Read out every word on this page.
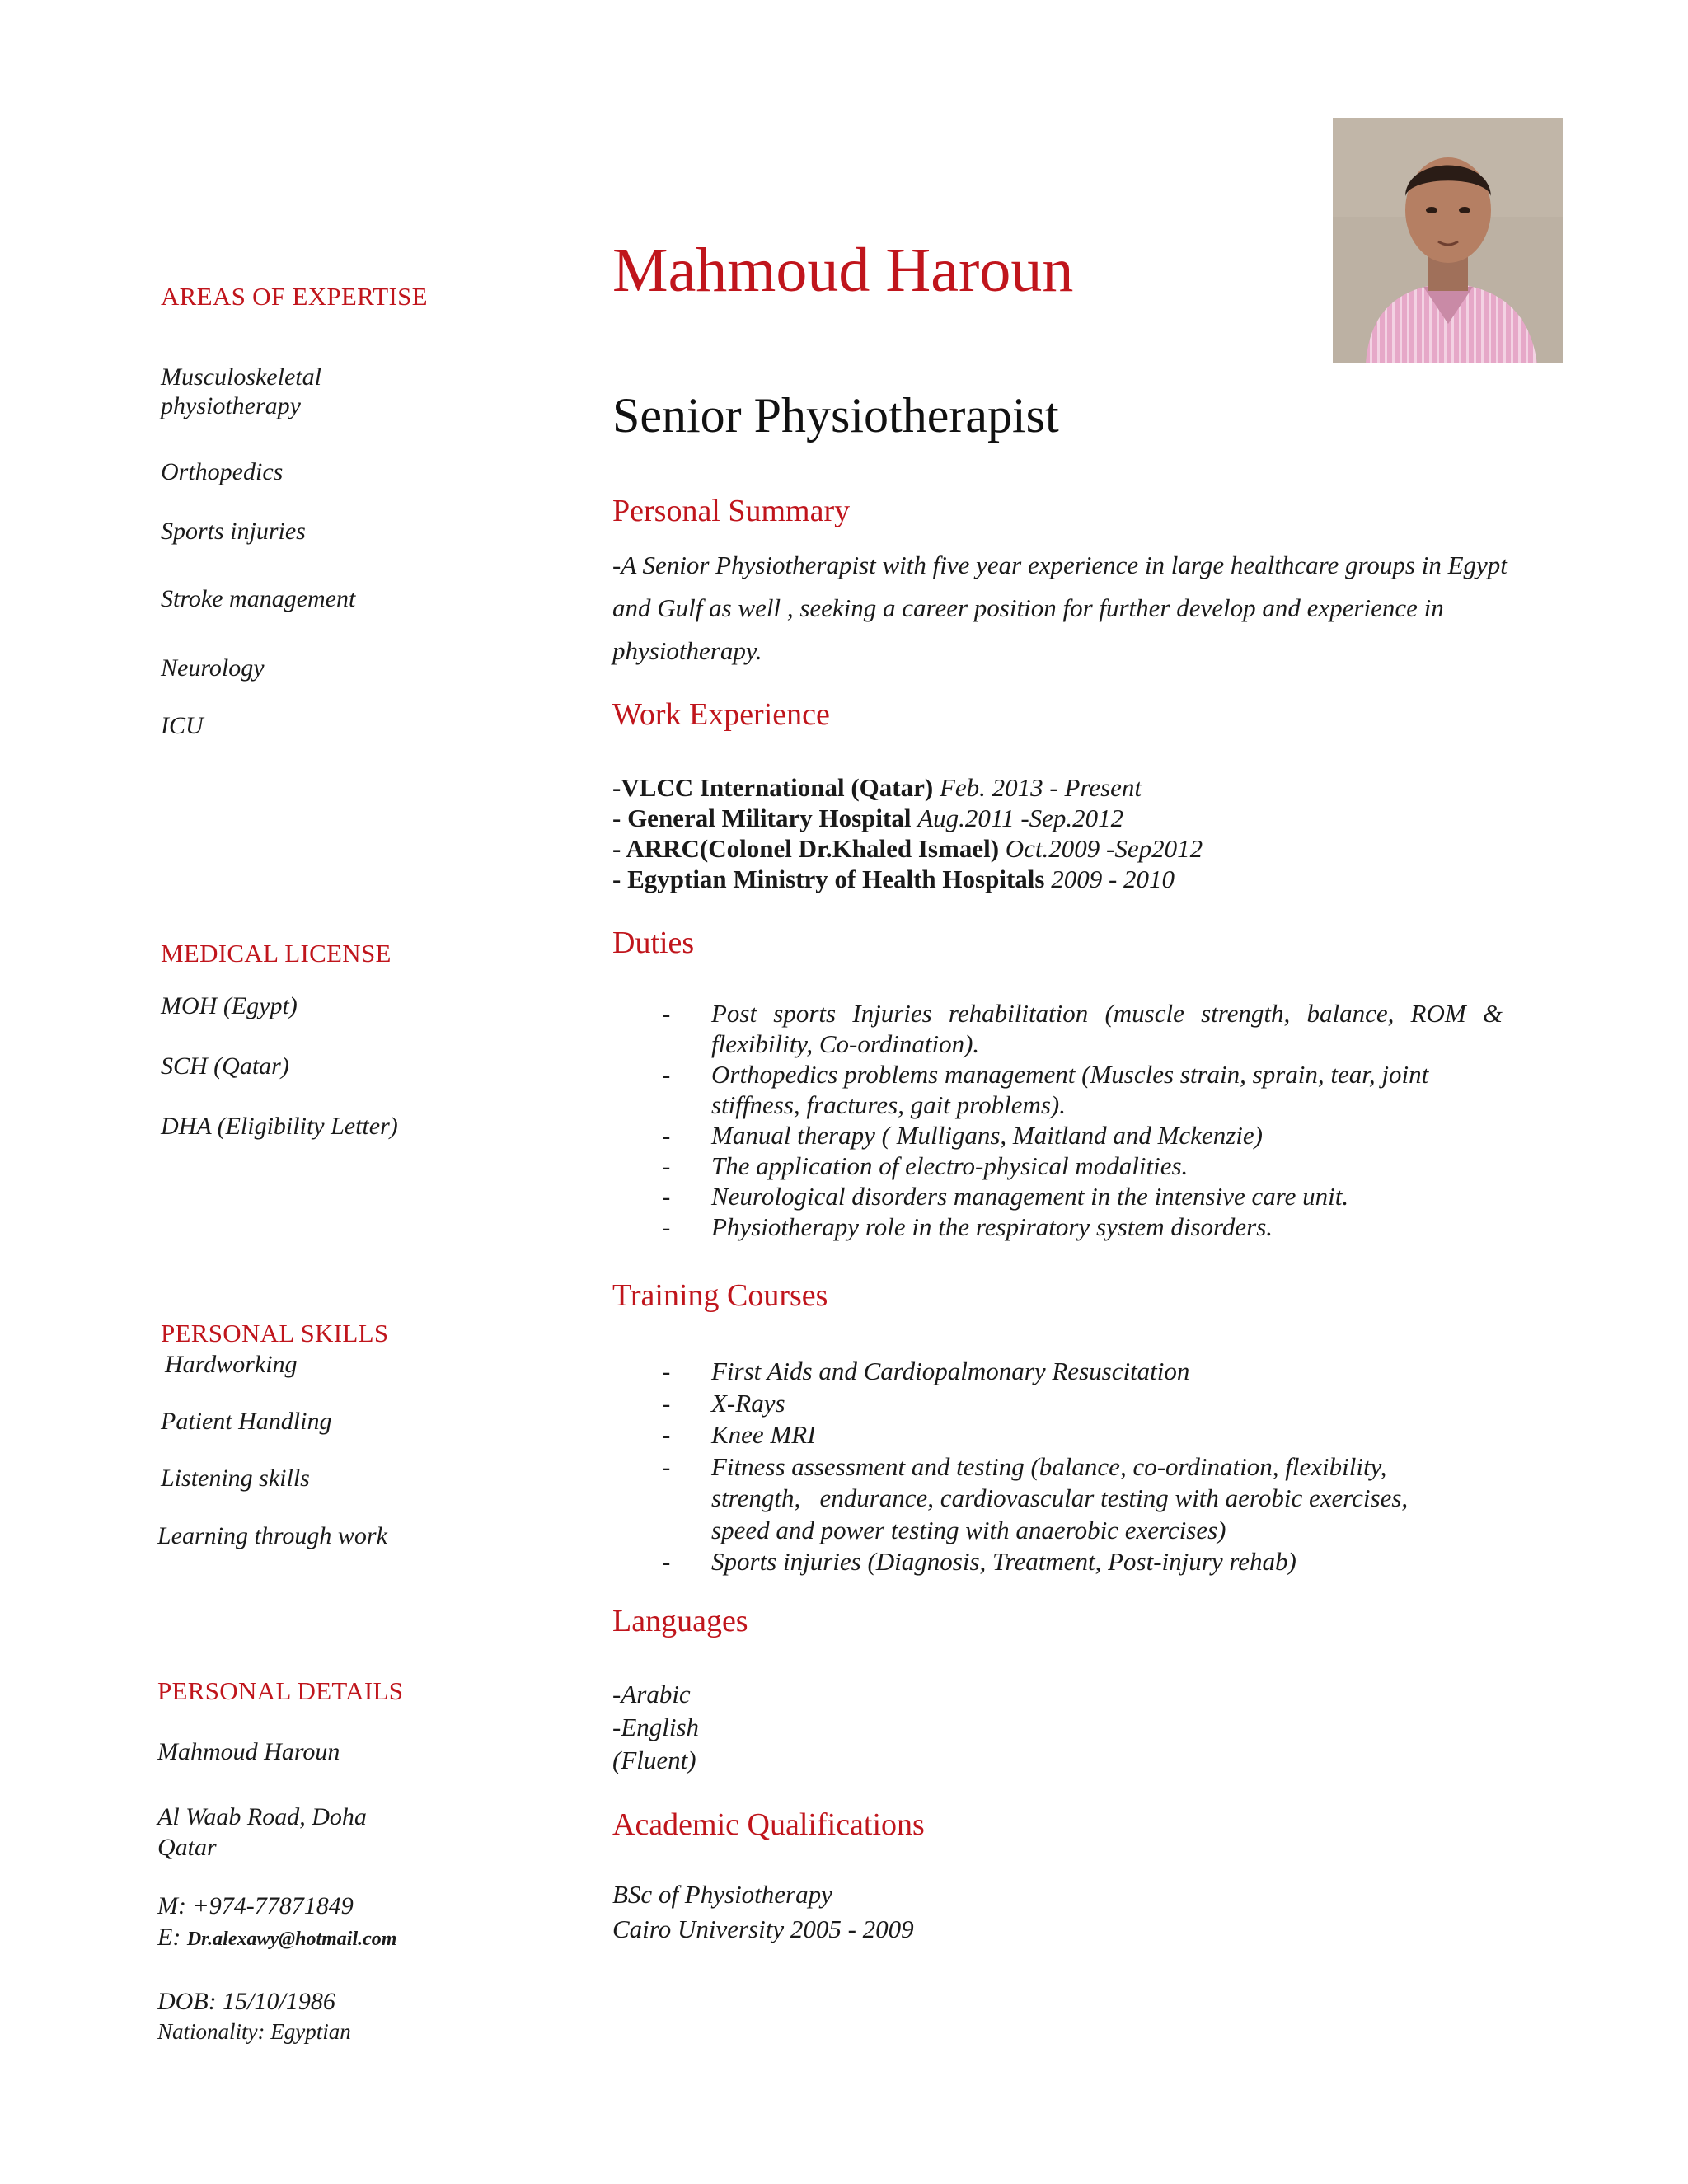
AREAS OF EXPERTISE
Musculoskeletal
physiotherapy
Orthopedics
Sports injuries
Stroke management
Neurology
ICU
MEDICAL LICENSE
MOH (Egypt)
SCH (Qatar)
DHA (Eligibility Letter)
PERSONAL SKILLS
Hardworking
Patient Handling
Listening skills
Learning through work
PERSONAL DETAILS
Mahmoud Haroun
Al Waab Road, Doha
Qatar
M: +974-77871849
E: Dr.alexawy@hotmail.com
DOB: 15/10/1986
Nationality: Egyptian
Mahmoud Haroun
Senior Physiotherapist
Personal Summary
-A Senior Physiotherapist with five year experience in large healthcare groups in Egypt and Gulf as well , seeking a career position for further develop and experience in physiotherapy.
Work Experience
-VLCC International (Qatar) Feb. 2013 - Present
- General Military Hospital Aug.2011 -Sep.2012
- ARRC(Colonel Dr.Khaled Ismael) Oct.2009 -Sep2012
- Egyptian Ministry of Health Hospitals 2009 - 2010
Duties
- Post sports Injuries rehabilitation (muscle strength, balance, ROM &
flexibility, Co-ordination).
- Orthopedics problems management (Muscles strain, sprain, tear, joint
stiffness, fractures, gait problems).
- Manual therapy ( Mulligans, Maitland and Mckenzie)
- The application of electro-physical modalities.
- Neurological disorders management in the intensive care unit.
- Physiotherapy role in the respiratory system disorders.
Training Courses
- First Aids and Cardiopalmonary Resuscitation
- X-Rays
- Knee MRI
- Fitness assessment and testing (balance, co-ordination, flexibility,
strength,   endurance, cardiovascular testing with aerobic exercises,
speed and power testing with anaerobic exercises)
- Sports injuries (Diagnosis, Treatment, Post-injury rehab)
Languages
-Arabic
-English
(Fluent)
Academic Qualifications
BSc of Physiotherapy
Cairo University 2005 - 2009
